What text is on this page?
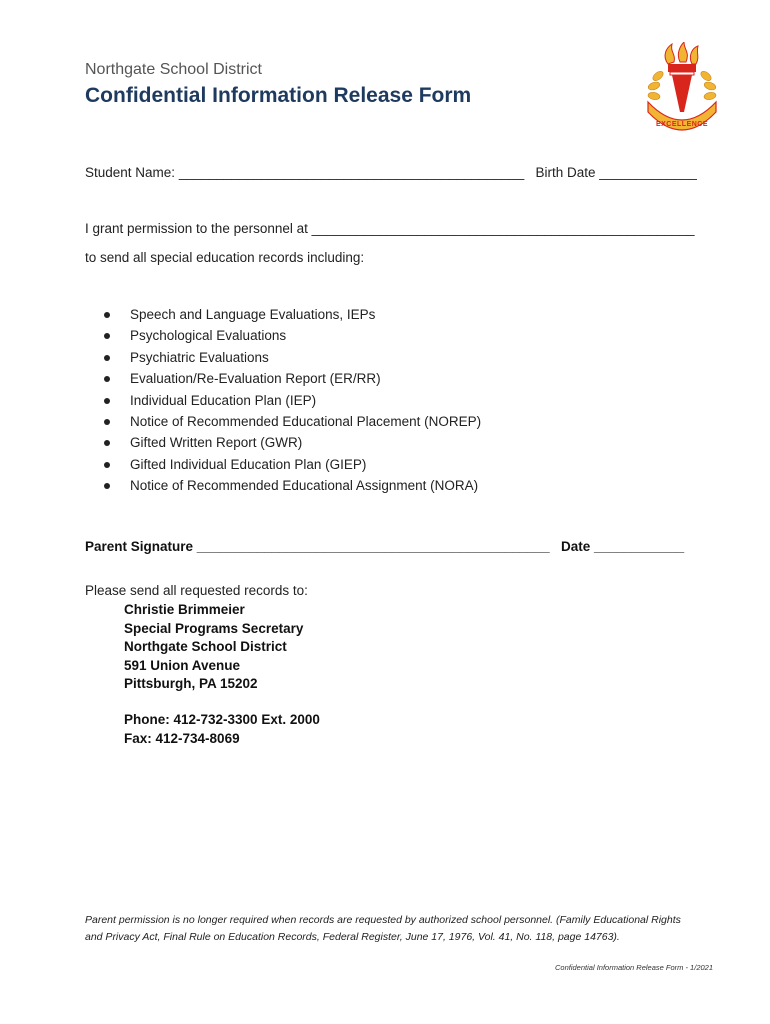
Northgate School District
Confidential Information Release Form
EXCELLENCE
Student Name: ______________________________________________ Birth Date _____________
I grant permission to the personnel at ___________________________________________________
to send all special education records including:
Speech and Language Evaluations, IEPs
Psychological Evaluations
Psychiatric Evaluations
Evaluation/Re-Evaluation Report (ER/RR)
Individual Education Plan (IEP)
Notice of Recommended Educational Placement (NOREP)
Gifted Written Report (GWR)
Gifted Individual Education Plan (GIEP)
Notice of Recommended Educational Assignment (NORA)
Parent Signature _______________________________________________ Date ____________
Please send all requested records to:
Christie Brimmeier
Special Programs Secretary
Northgate School District
591 Union Avenue
Pittsburgh, PA 15202
Phone: 412-732-3300 Ext. 2000
Fax: 412-734-8069
Parent permission is no longer required when records are requested by authorized school personnel. (Family Educational Rights and Privacy Act, Final Rule on Education Records, Federal Register, June 17, 1976, Vol. 41, No. 118, page 14763).
Confidential Information Release Form - 1/2021
